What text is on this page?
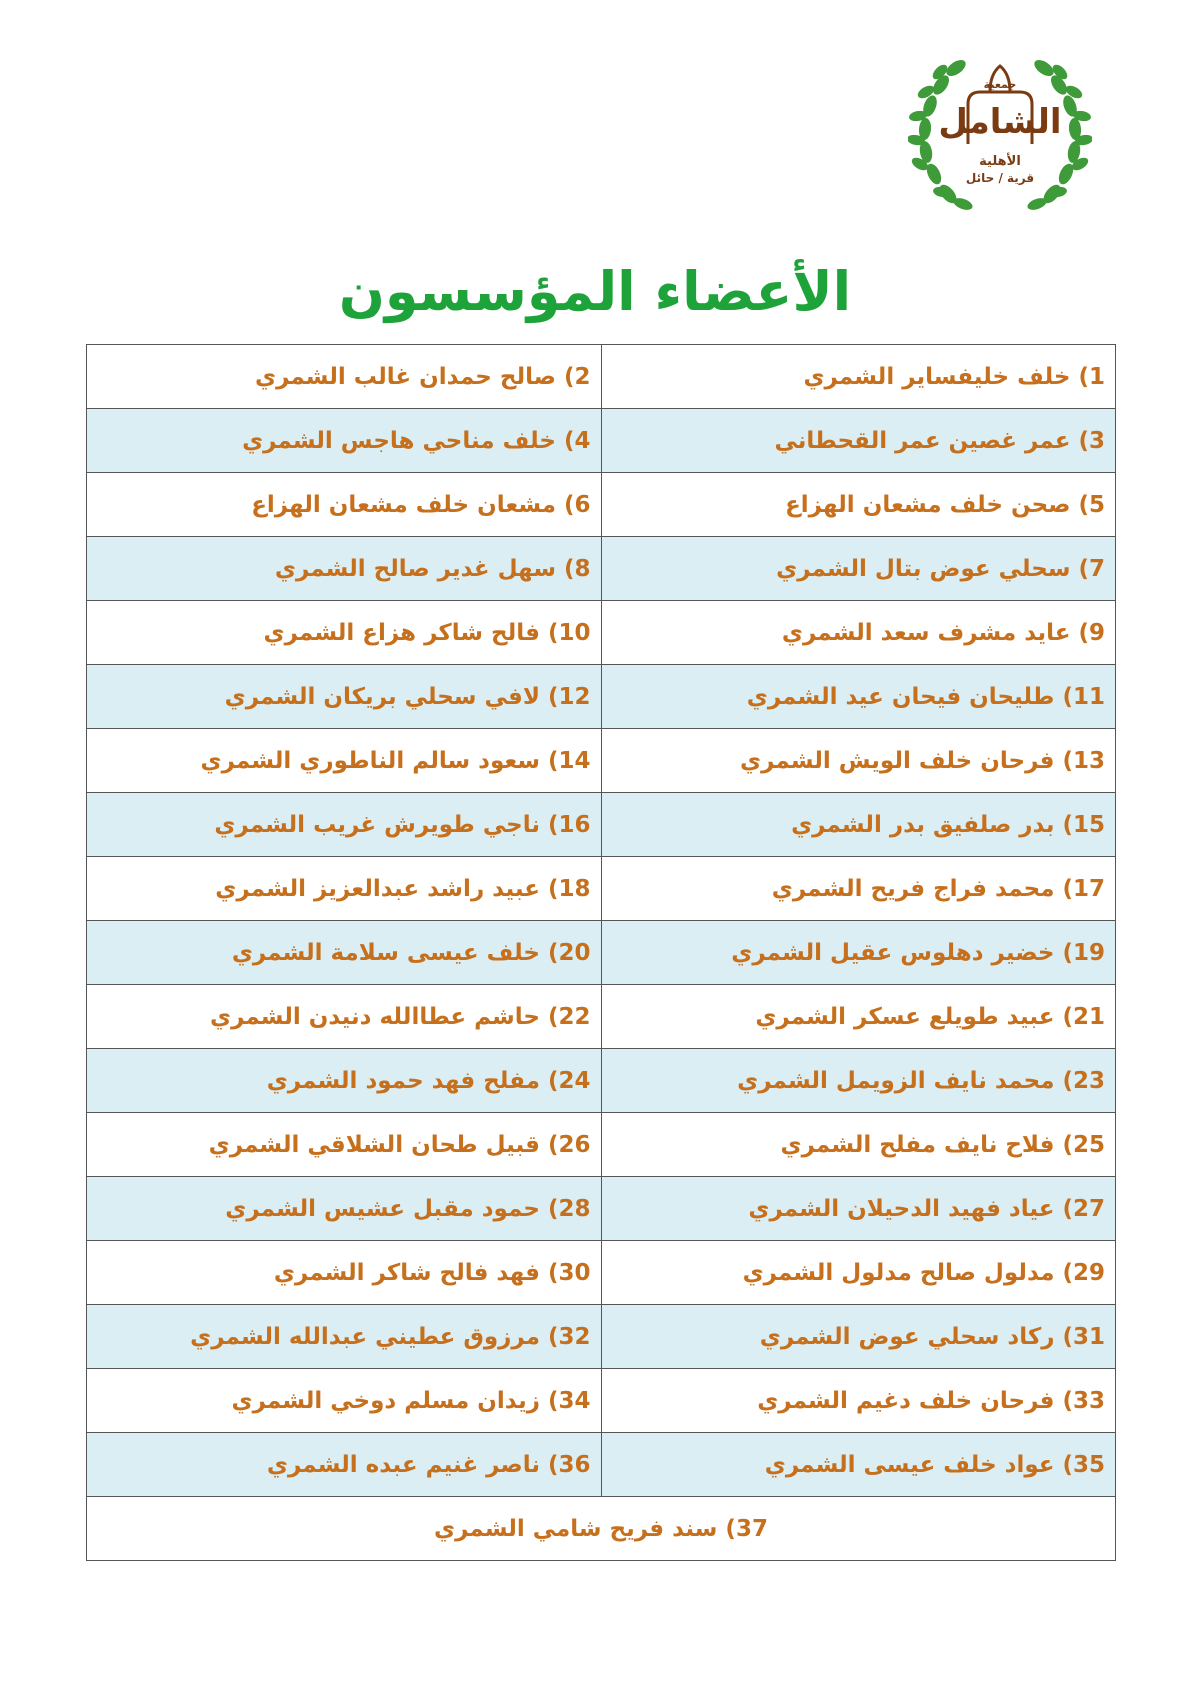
الشامل
جمعية
الأهلية
قرية / حائل
الأعضاء المؤسسون
1)خلف خليفساير الشمري	2)صالح حمدان غالب الشمري
3)عمر غصين عمر القحطاني	4)خلف مناحي هاجس الشمري
5)صحن خلف مشعان الهزاع	6)مشعان خلف مشعان الهزاع
7)سحلي عوض بتال الشمري	8)سهل غدير صالح الشمري
9)عايد مشرف سعد الشمري	10)فالح شاكر هزاع الشمري
11)طليحان فيحان عيد الشمري	12)لافي سحلي بريكان الشمري
13)فرحان خلف الويش الشمري	14)سعود سالم الناطوري الشمري
15)بدر صلفيق بدر الشمري	16)ناجي طويرش غريب الشمري
17)محمد فراج فريح الشمري	18)عبيد راشد عبدالعزيز الشمري
19)خضير دهلوس عقيل الشمري	20)خلف عيسى سلامة الشمري
21)عبيد طويلع عسكر الشمري	22)حاشم عطاالله دنيدن الشمري
23)محمد نايف الزويمل الشمري	24)مفلح فهد حمود الشمري
25)فلاح نايف مفلح الشمري	26)قبيل طحان الشلاقي الشمري
27)عياد فهيد الدحيلان الشمري	28)حمود مقبل عشيس الشمري
29)مدلول صالح مدلول الشمري	30)فهد فالح شاكر الشمري
31)ركاد سحلي عوض الشمري	32)مرزوق عطيني عبدالله الشمري
33)فرحان خلف دغيم الشمري	34)زيدان مسلم دوخي الشمري
35)عواد خلف عيسى الشمري	36)ناصر غنيم عبده الشمري
37)سند فريح شامي الشمري	
